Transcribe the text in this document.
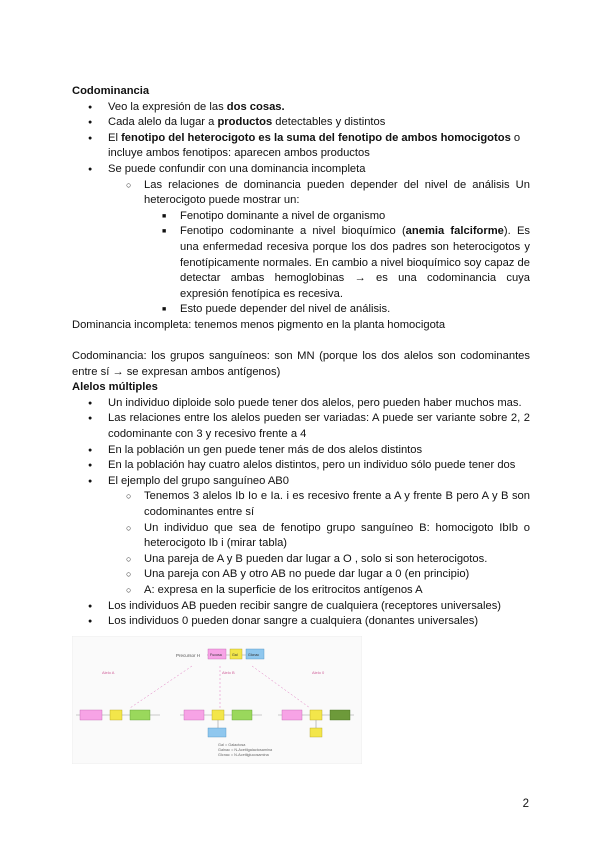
Codominancia

● Veo la expresión de las dos cosas.
● Cada alelo da lugar a productos detectables y distintos
● El fenotipo del heterocigoto es la suma del fenotipo de ambos homocigotos o incluye ambos fenotipos: aparecen ambos productos
● Se puede confundir con una dominancia incompleta
○ Las relaciones de dominancia pueden depender del nivel de análisis Un heterocigoto puede mostrar un:
■ Fenotipo dominante a nivel de organismo
■ Fenotipo codominante a nivel bioquímico (anemia falciforme). Es una enfermedad recesiva porque los dos padres son heterocigotos y fenotípicamente normales. En cambio a nivel bioquímico soy capaz de detectar ambas hemoglobinas → es una codominancia cuya expresión fenotípica es recesiva.
■ Esto puede depender del nivel de análisis.

Dominancia incompleta: tenemos menos pigmento en la planta homocigota

Codominancia: los grupos sanguíneos: son MN (porque los dos alelos son codominantes entre sí → se expresan ambos antígenos)

Alelos múltiples

● Un individuo diploide solo puede tener dos alelos, pero pueden haber muchos mas.
● Las relaciones entre los alelos pueden ser variadas: A puede ser variante sobre 2, 2 codominante con 3 y recesivo frente a 4
● En la población un gen puede tener más de dos alelos distintos
● En la población hay cuatro alelos distintos, pero un individuo sólo puede tener dos
● El ejemplo del grupo sanguíneo AB0
○ Tenemos 3 alelos Ib Io e Ia. i es recesivo frente a A y frente B pero A y B son codominantes entre sí
○ Un individuo que sea de fenotipo grupo sanguíneo B: homocigoto IbIb o heterocigoto Ib i (mirar tabla)
○ Una pareja de A y B pueden dar lugar a O , solo si son heterocigotos.
○ Una pareja con AB y otro AB no puede dar lugar a 0 (en principio)
○ A: expresa en la superficie de los eritrocitos antígenos A
● Los individuos AB pueden recibir sangre de cualquiera (receptores universales)
● Los individuos 0 pueden donar sangre a cualquiera (donantes universales)
Precursor H	Fucosa	Gal	Glcnac
Alelo A	Alelo B	Alelo 0
Gal = Galactosa
Galnac = N-Acetilgalactosamina
Glcnac = N-Acetilglucosamina
2
